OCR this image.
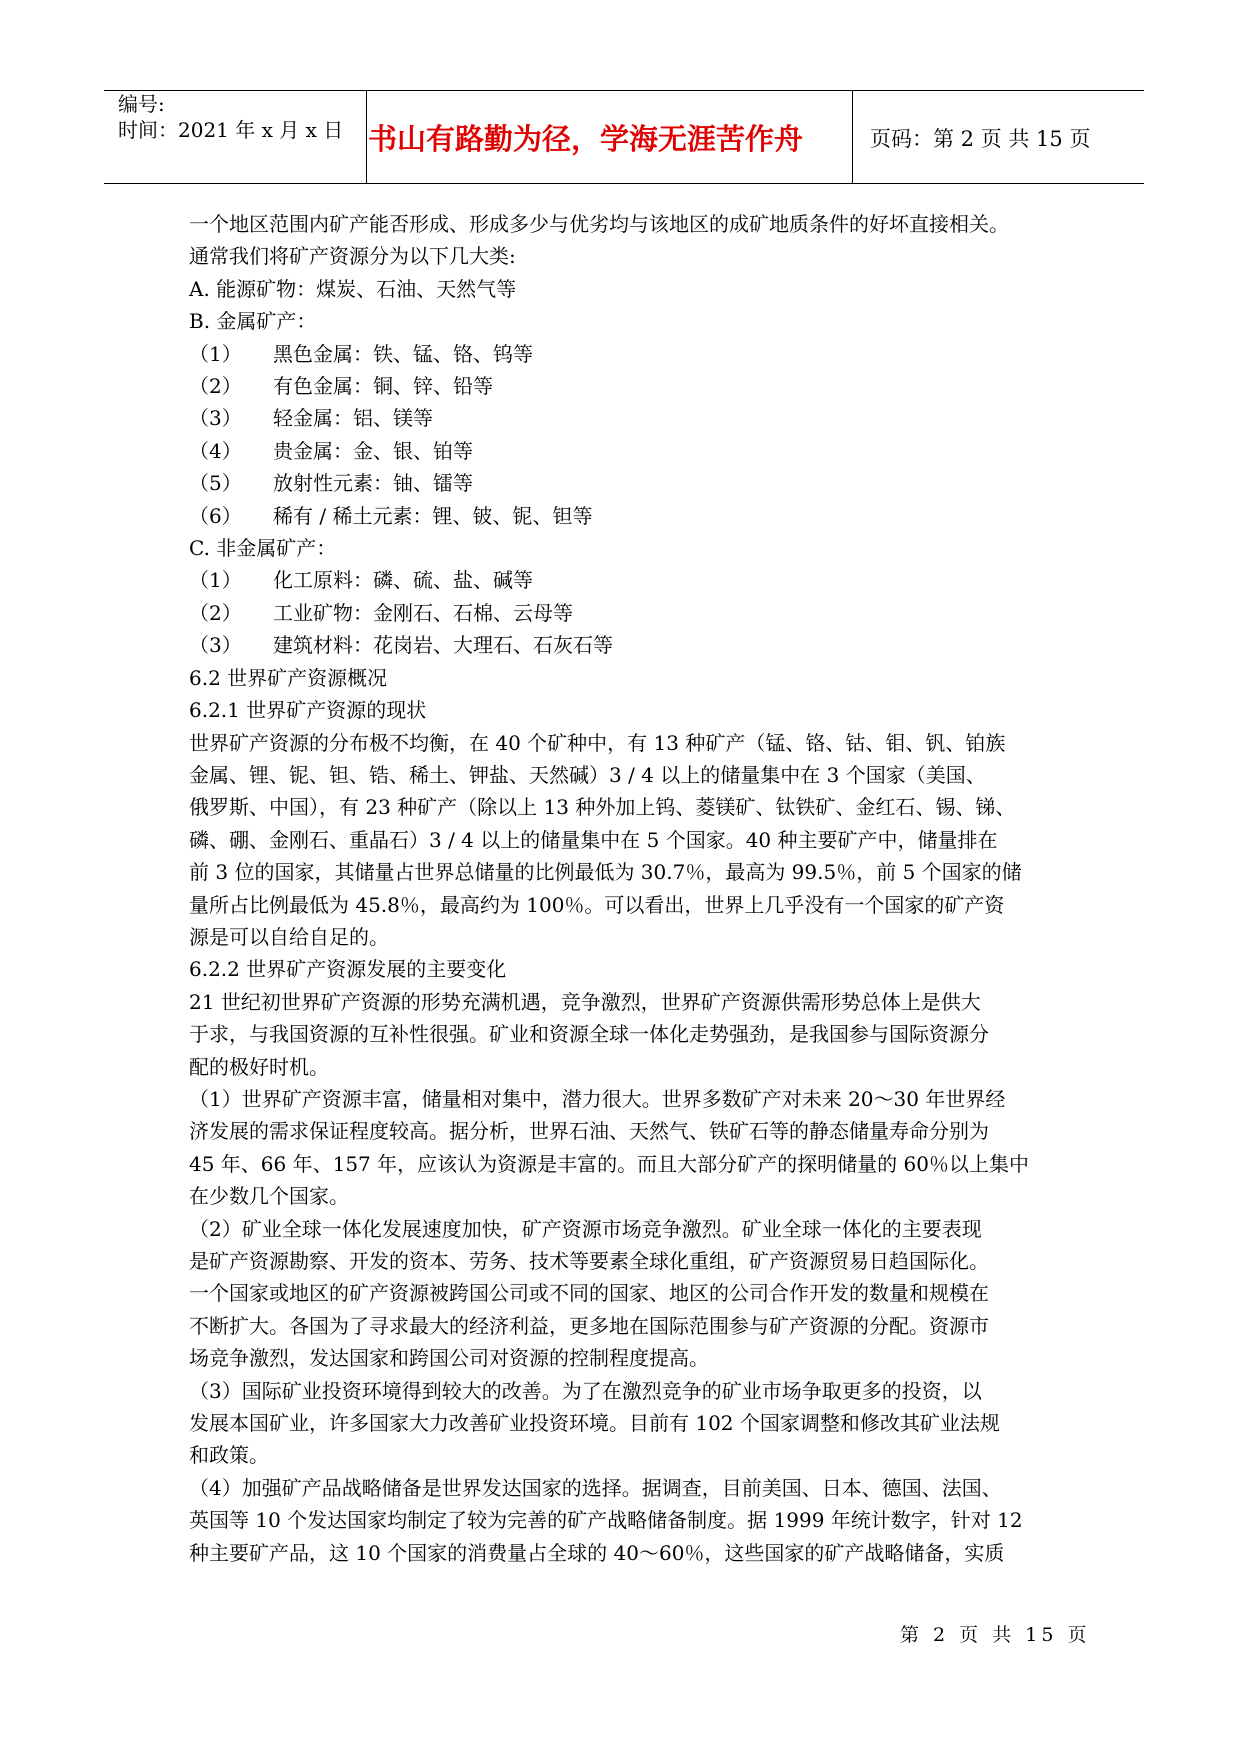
编号:
时间：2021 年 x 月 x 日 书山有路勤为径，学海无涯苦作舟	页码：第 2 页 共 15 页
一个地区范围内矿产能否形成、形成多少与优劣均与该地区的成矿地质条件的好坏直接相关。
通常我们将矿产资源分为以下几大类:
A. 能源矿物：煤炭、石油、天然气等
B. 金属矿产：
（1） 黑色金属：铁、锰、铬、钨等
（2） 有色金属：铜、锌、铅等
（3） 轻金属：铝、镁等
（4） 贵金属：金、银、铂等
（5） 放射性元素：铀、镭等
（6） 稀有 / 稀土元素：锂、铍、铌、钽等
C. 非金属矿产：
（1） 化工原料：磷、硫、盐、碱等
（2） 工业矿物：金刚石、石棉、云母等
（3） 建筑材料：花岗岩、大理石、石灰石等
6.2 世界矿产资源概况
6.2.1 世界矿产资源的现状
世界矿产资源的分布极不均衡，在 40 个矿种中，有 13 种矿产（锰、铬、钴、钼、钒、铂族
金属、锂、铌、钽、锆、稀土、钾盐、天然碱）3 / 4 以上的储量集中在 3 个国家（美国、
俄罗斯、中国），有 23 种矿产（除以上 13 种外加上钨、菱镁矿、钛铁矿、金红石、锡、锑、
磷、硼、金刚石、重晶石）3 / 4 以上的储量集中在 5 个国家。40 种主要矿产中，储量排在
前 3 位的国家，其储量占世界总储量的比例最低为 30.7％，最高为 99.5％，前 5 个国家的储
量所占比例最低为 45.8％，最高约为 100％。可以看出，世界上几乎没有一个国家的矿产资
源是可以自给自足的。
6.2.2 世界矿产资源发展的主要变化
21 世纪初世界矿产资源的形势充满机遇，竞争激烈，世界矿产资源供需形势总体上是供大
于求，与我国资源的互补性很强。矿业和资源全球一体化走势强劲，是我国参与国际资源分
配的极好时机。
（1）世界矿产资源丰富，储量相对集中，潜力很大。世界多数矿产对未来 20～30 年世界经
济发展的需求保证程度较高。据分析，世界石油、天然气、铁矿石等的静态储量寿命分别为
45 年、66 年、157 年，应该认为资源是丰富的。而且大部分矿产的探明储量的 60％以上集中
在少数几个国家。
（2）矿业全球一体化发展速度加快，矿产资源市场竞争激烈。矿业全球一体化的主要表现
是矿产资源勘察、开发的资本、劳务、技术等要素全球化重组，矿产资源贸易日趋国际化。
一个国家或地区的矿产资源被跨国公司或不同的国家、地区的公司合作开发的数量和规模在
不断扩大。各国为了寻求最大的经济利益，更多地在国际范围参与矿产资源的分配。资源市
场竞争激烈，发达国家和跨国公司对资源的控制程度提高。
（3）国际矿业投资环境得到较大的改善。为了在激烈竞争的矿业市场争取更多的投资，以
发展本国矿业，许多国家大力改善矿业投资环境。目前有 102 个国家调整和修改其矿业法规
和政策。
（4）加强矿产品战略储备是世界发达国家的选择。据调查，目前美国、日本、德国、法国、
英国等 10 个发达国家均制定了较为完善的矿产战略储备制度。据 1999 年统计数字，针对 12
种主要矿产品，这 10 个国家的消费量占全球的 40～60％，这些国家的矿产战略储备，实质
第 2 页 共 15 页
